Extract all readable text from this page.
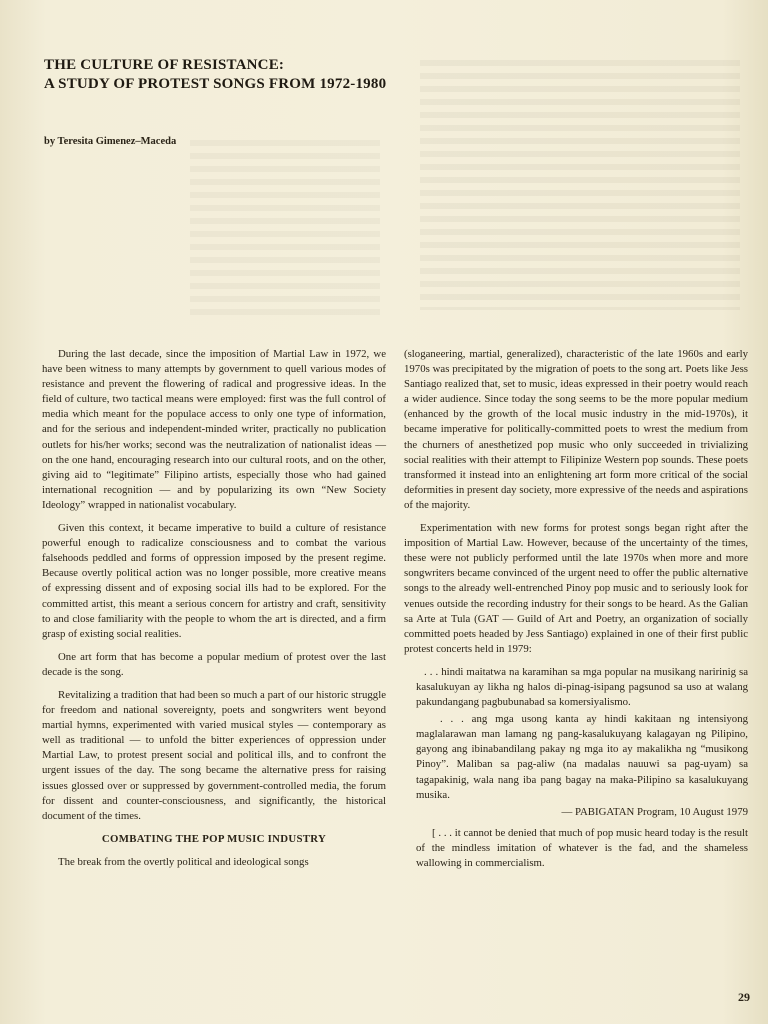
THE CULTURE OF RESISTANCE:
A STUDY OF PROTEST SONGS FROM 1972-1980
by Teresita Gimenez–Maceda

During the last decade, since the imposition of Martial Law in 1972, we have been witness to many attempts by government to quell various modes of resistance and prevent the flowering of radical and progressive ideas. In the field of culture, two tactical means were employed: first was the full control of media which meant for the populace access to only one type of information, and for the serious and independent-minded writer, practically no publication outlets for his/her works; second was the neutralization of nationalist ideas — on the one hand, encouraging research into our cultural roots, and on the other, giving aid to “legitimate” Filipino artists, especially those who had gained international recognition — and by popularizing its own “New Society Ideology” wrapped in nationalist vocabulary.

Given this context, it became imperative to build a culture of resistance powerful enough to radicalize consciousness and to combat the various falsehoods peddled and forms of oppression imposed by the present regime. Because overtly political action was no longer possible, more creative means of expressing dissent and of exposing social ills had to be explored. For the committed artist, this meant a serious concern for artistry and craft, sensitivity to and close familiarity with the people to whom the art is directed, and a firm grasp of existing social realities.

One art form that has become a popular medium of protest over the last decade is the song.

Revitalizing a tradition that had been so much a part of our historic struggle for freedom and national sovereignty, poets and songwriters went beyond martial hymns, experimented with varied musical styles — contemporary as well as traditional — to unfold the bitter experiences of oppression under Martial Law, to protest present social and political ills, and to confront the urgent issues of the day. The song became the alternative press for raising issues glossed over or suppressed by government-controlled media, the forum for dissent and counter-consciousness, and significantly, the historical document of the times.

COMBATING THE POP MUSIC INDUSTRY

The break from the overtly political and ideological songs

(sloganeering, martial, generalized), characteristic of the late 1960s and early 1970s was precipitated by the migration of poets to the song art. Poets like Jess Santiago realized that, set to music, ideas expressed in their poetry would reach a wider audience. Since today the song seems to be the more popular medium (enhanced by the growth of the local music industry in the mid-1970s), it became imperative for politically-committed poets to wrest the medium from the churners of anesthetized pop music who only succeeded in trivializing social realities with their attempt to Filipinize Western pop sounds. These poets transformed it instead into an enlightening art form more critical of the social deformities in present day society, more expressive of the needs and aspirations of the majority.

Experimentation with new forms for protest songs began right after the imposition of Martial Law. However, because of the uncertainty of the times, these were not publicly performed until the late 1970s when more and more songwriters became convinced of the urgent need to offer the public alternative songs to the already well-entrenched Pinoy pop music and to seriously look for venues outside the recording industry for their songs to be heard. As the Galian sa Arte at Tula (GAT — Guild of Art and Poetry, an organization of socially committed poets headed by Jess Santiago) explained in one of their first public protest concerts held in 1979:

. . . hindi maitatwa na karamihan sa mga popular na musikang naririnig sa kasalukuyan ay likha ng halos di-pinag-isipang pagsunod sa uso at walang pakundangang pagbubunabad sa komersiyalismo.

. . . ang mga usong kanta ay hindi kakitaan ng intensiyong maglalarawan man lamang ng pang-kasalukuyang kalagayan ng Pilipino, gayong ang ibinabandilang pakay ng mga ito ay makalikha ng “musikong Pinoy”. Maliban sa pag-aliw (na madalas nauuwi sa pag-uyam) sa tagapakinig, wala nang iba pang bagay na maka-Pilipino sa kasalukuyang musika.

— PABIGATAN Program, 10 August 1979

[ . . . it cannot be denied that much of pop music heard today is the result of the mindless imitation of whatever is the fad, and the shameless wallowing in commercialism.

29
